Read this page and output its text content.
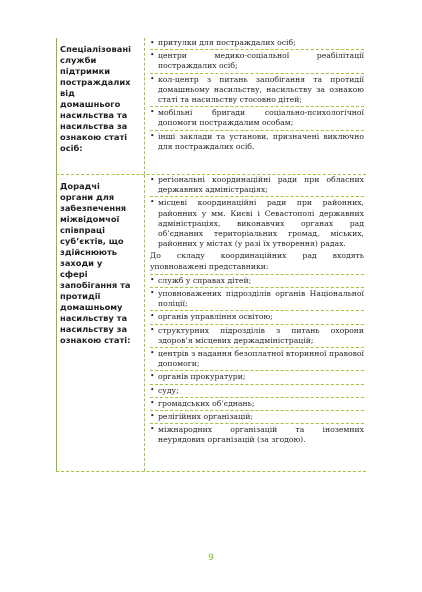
Спеціалізовані служби підтримки постраждалих від домашнього насильства та насильства за ознакою статі осіб:
• притулки для постраждалих осіб;
• центри медико-соціальної реабілітації постраждалих осіб;
• кол-центр з питань запобігання та протидії домашньому насильству, насильству за ознакою статі та насильству стосовно дітей;
• мобільні бригади соціально-психологічної допомоги постраждалим особам;
• інші заклади та установи, призначені виключно для постраждалих осіб.
Дорадчі органи для забезпечення міжвідомчої співпраці суб’єктів, що здійснюють заходи у сфері запобігання та протидії домашньому насильству та насильству за ознакою статі:
• регіональні координаційні ради при обласних державних адміністраціях;
• місцеві координаційні ради при районних, районних у мм. Києві і Севастополі державних адміністраціях, виконавчих органах рад об’єднаних територіальних громад, міських, районних у містах (у разі їх утворення) радах.

До складу координаційних рад входять уповноважені представники:

• служб у справах дітей;
• уповноважених підрозділів органів Національної поліції;
• органів управління освітою;
• структурних підрозділів з питань охорони здоров’я місцевих держадміністрацій;
• центрів з надання безоплатної вторинної правової допомоги;
• органів прокуратури;
• суду;
• громадських об’єднань;
• релігійних організацій;
• міжнародних організацій та іноземних неурядових організацій (за згодою).
9
